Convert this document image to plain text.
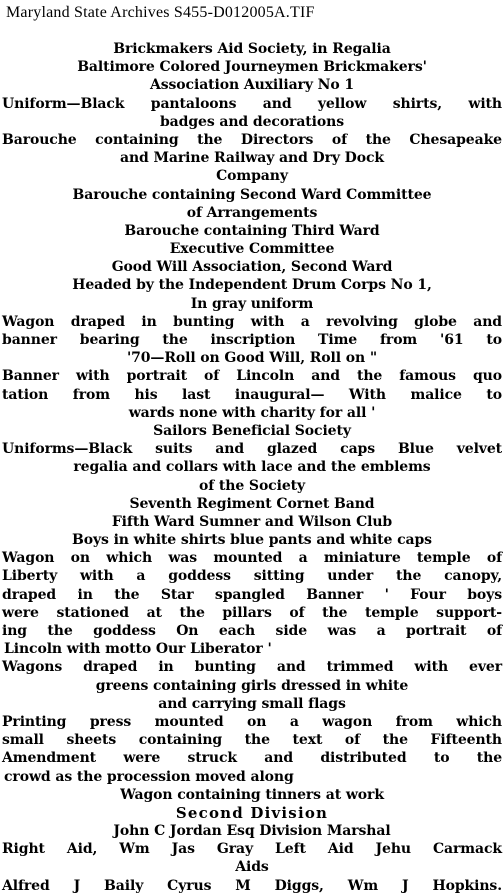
Maryland State Archives S455-D012005A.TIF
Brickmakers Aid Society, in Regalia
Baltimore Colored Journeymen Brickmakers'
Association Auxiliary No 1
Uniform—Black pantaloons and yellow shirts, with
badges and decorations
Barouche containing the Directors of the Chesapeake
and Marine Railway and Dry Dock
Company
Barouche containing Second Ward Committee
of Arrangements
Barouche containing Third Ward
Executive Committee
Good Will Association, Second Ward
Headed by the Independent Drum Corps No 1,
In gray uniform
Wagon draped in bunting with a revolving globe and
banner bearing the inscription Time from '61 to
'70—Roll on Good Will, Roll on "
Banner with portrait of Lincoln and the famous quo
tation from his last inaugural— With malice to
wards none with charity for all '
Sailors Beneficial Society
Uniforms—Black suits and glazed caps Blue velvet
regalia and collars with lace and the emblems
of the Society
Seventh Regiment Cornet Band
Fifth Ward Sumner and Wilson Club
Boys in white shirts blue pants and white caps
Wagon on which was mounted a miniature temple of
Liberty with a goddess sitting under the canopy,
draped in the Star spangled Banner ' Four boys
were stationed at the pillars of the temple support-
ing the goddess On each side was a portrait of
Lincoln with motto Our Liberator '
Wagons draped in bunting and trimmed with ever
greens containing girls dressed in white
and carrying small flags
Printing press mounted on a wagon from which
small sheets containing the text of the Fifteenth
Amendment were struck and distributed to the
crowd as the procession moved along
Wagon containing tinners at work
Second Division
John C Jordan Esq Division Marshal
Right Aid, Wm Jas Gray Left Aid Jehu Carmack
Aids
Alfred J Baily Cyrus M Diggs, Wm J Hopkins.
